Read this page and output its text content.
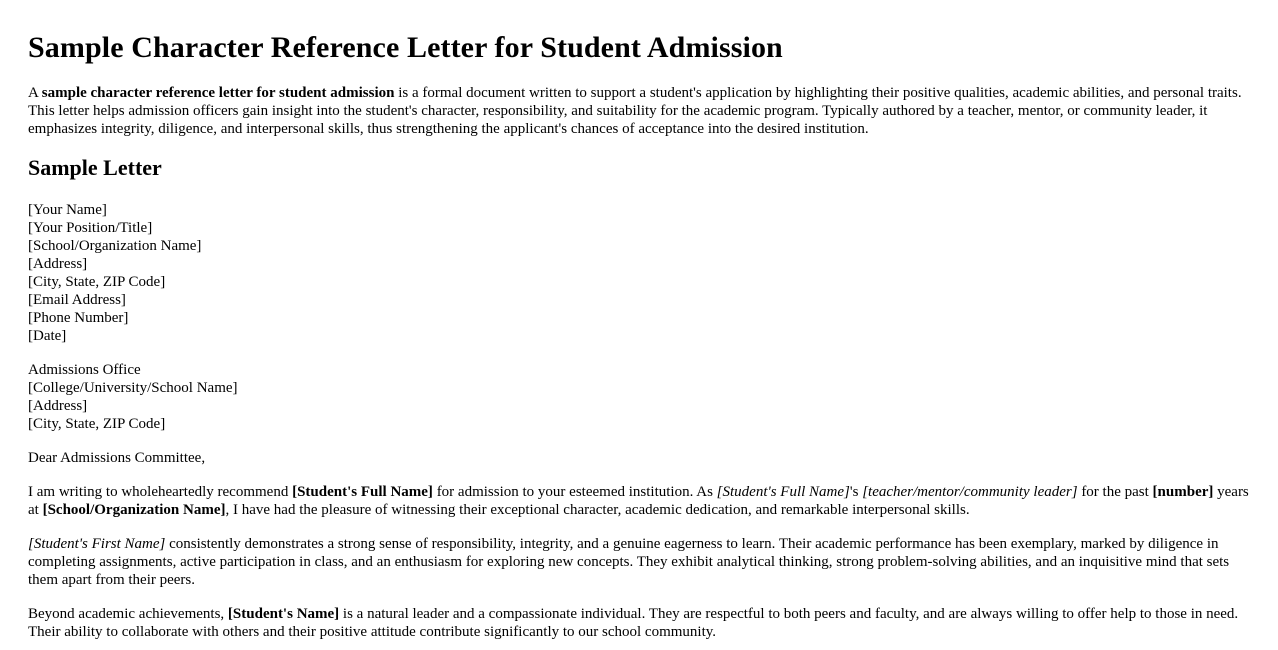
Sample Character Reference Letter for Student Admission

A sample character reference letter for student admission is a formal document written to support a student's application by highlighting their positive qualities, academic abilities, and personal traits. This letter helps admission officers gain insight into the student's character, responsibility, and suitability for the academic program. Typically authored by a teacher, mentor, or community leader, it emphasizes integrity, diligence, and interpersonal skills, thus strengthening the applicant's chances of acceptance into the desired institution.

Sample Letter
[Your Name]
[Your Position/Title]
[School/Organization Name]
[Address]
[City, State, ZIP Code]
[Email Address]
[Phone Number]
[Date]
Admissions Office
[College/University/School Name]
[Address]
[City, State, ZIP Code]

Dear Admissions Committee,

I am writing to wholeheartedly recommend [Student's Full Name] for admission to your esteemed institution. As [Student's Full Name]'s [teacher/mentor/community leader] for the past [number] years at [School/Organization Name], I have had the pleasure of witnessing their exceptional character, academic dedication, and remarkable interpersonal skills.

[Student's First Name] consistently demonstrates a strong sense of responsibility, integrity, and a genuine eagerness to learn. Their academic performance has been exemplary, marked by diligence in completing assignments, active participation in class, and an enthusiasm for exploring new concepts. They exhibit analytical thinking, strong problem-solving abilities, and an inquisitive mind that sets them apart from their peers.

Beyond academic achievements, [Student's Name] is a natural leader and a compassionate individual. They are respectful to both peers and faculty, and are always willing to offer help to those in need. Their ability to collaborate with others and their positive attitude contribute significantly to our school community.
